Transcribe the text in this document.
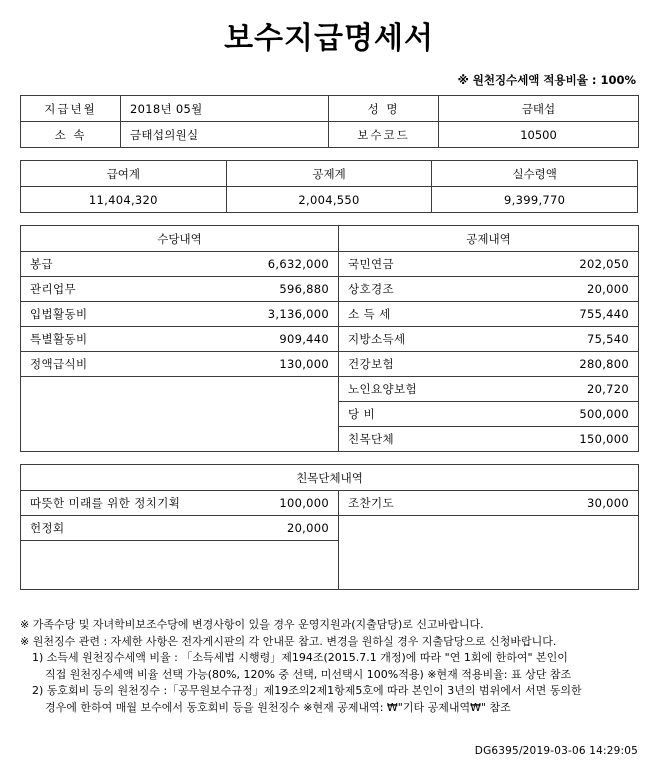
보수지급명세서
※ 원천징수세액 적용비율 : 100%
지급년월	2018년 05월	성 명	금태섭
소 속	금태섭의원실	보수코드	10500
급여계	공제계	실수령액
11,404,320	2,004,550	9,399,770
수당내역		공제내역	
봉급	6,632,000	국민연금	202,050
관리업무	596,880	상호경조	20,000
입법활동비	3,136,000	소 득 세	755,440
특별활동비	909,440	지방소득세	75,540
정액급식비	130,000	건강보험	280,800
		노인요양보험	20,720
		당 비	500,000
		친목단체	150,000
친목단체내역			
따뜻한 미래를 위한 정치기획	100,000	조찬기도	30,000
헌정회	20,000		

※ 가족수당 및 자녀학비보조수당에 변경사항이 있을 경우 운영지원과(지출담당)로 신고바랍니다.
※ 원천징수 관련 : 자세한 사항은 전자게시판의 각 안내문 참고. 변경을 원하실 경우 지출담당으로 신청바랍니다.
1) 소득세 원천징수세액 비율 : 「소득세법 시행령」제194조(2015.7.1 개정)에 따라 "연 1회에 한하여" 본인이
직접 원천징수세액 비율 선택 가능(80%, 120% 중 선택, 미선택시 100%적용) ※현재 적용비율: 표 상단 참조
2) 동호회비 등의 원천징수 :「공무원보수규정」제19조의2제1항제5호에 따라 본인이 3년의 범위에서 서면 동의한
경우에 한하여 매월 보수에서 동호회비 등을 원천징수 ※현재 공제내역: ₩"기타 공제내역₩" 참조
DG6395/2019-03-06 14:29:05
